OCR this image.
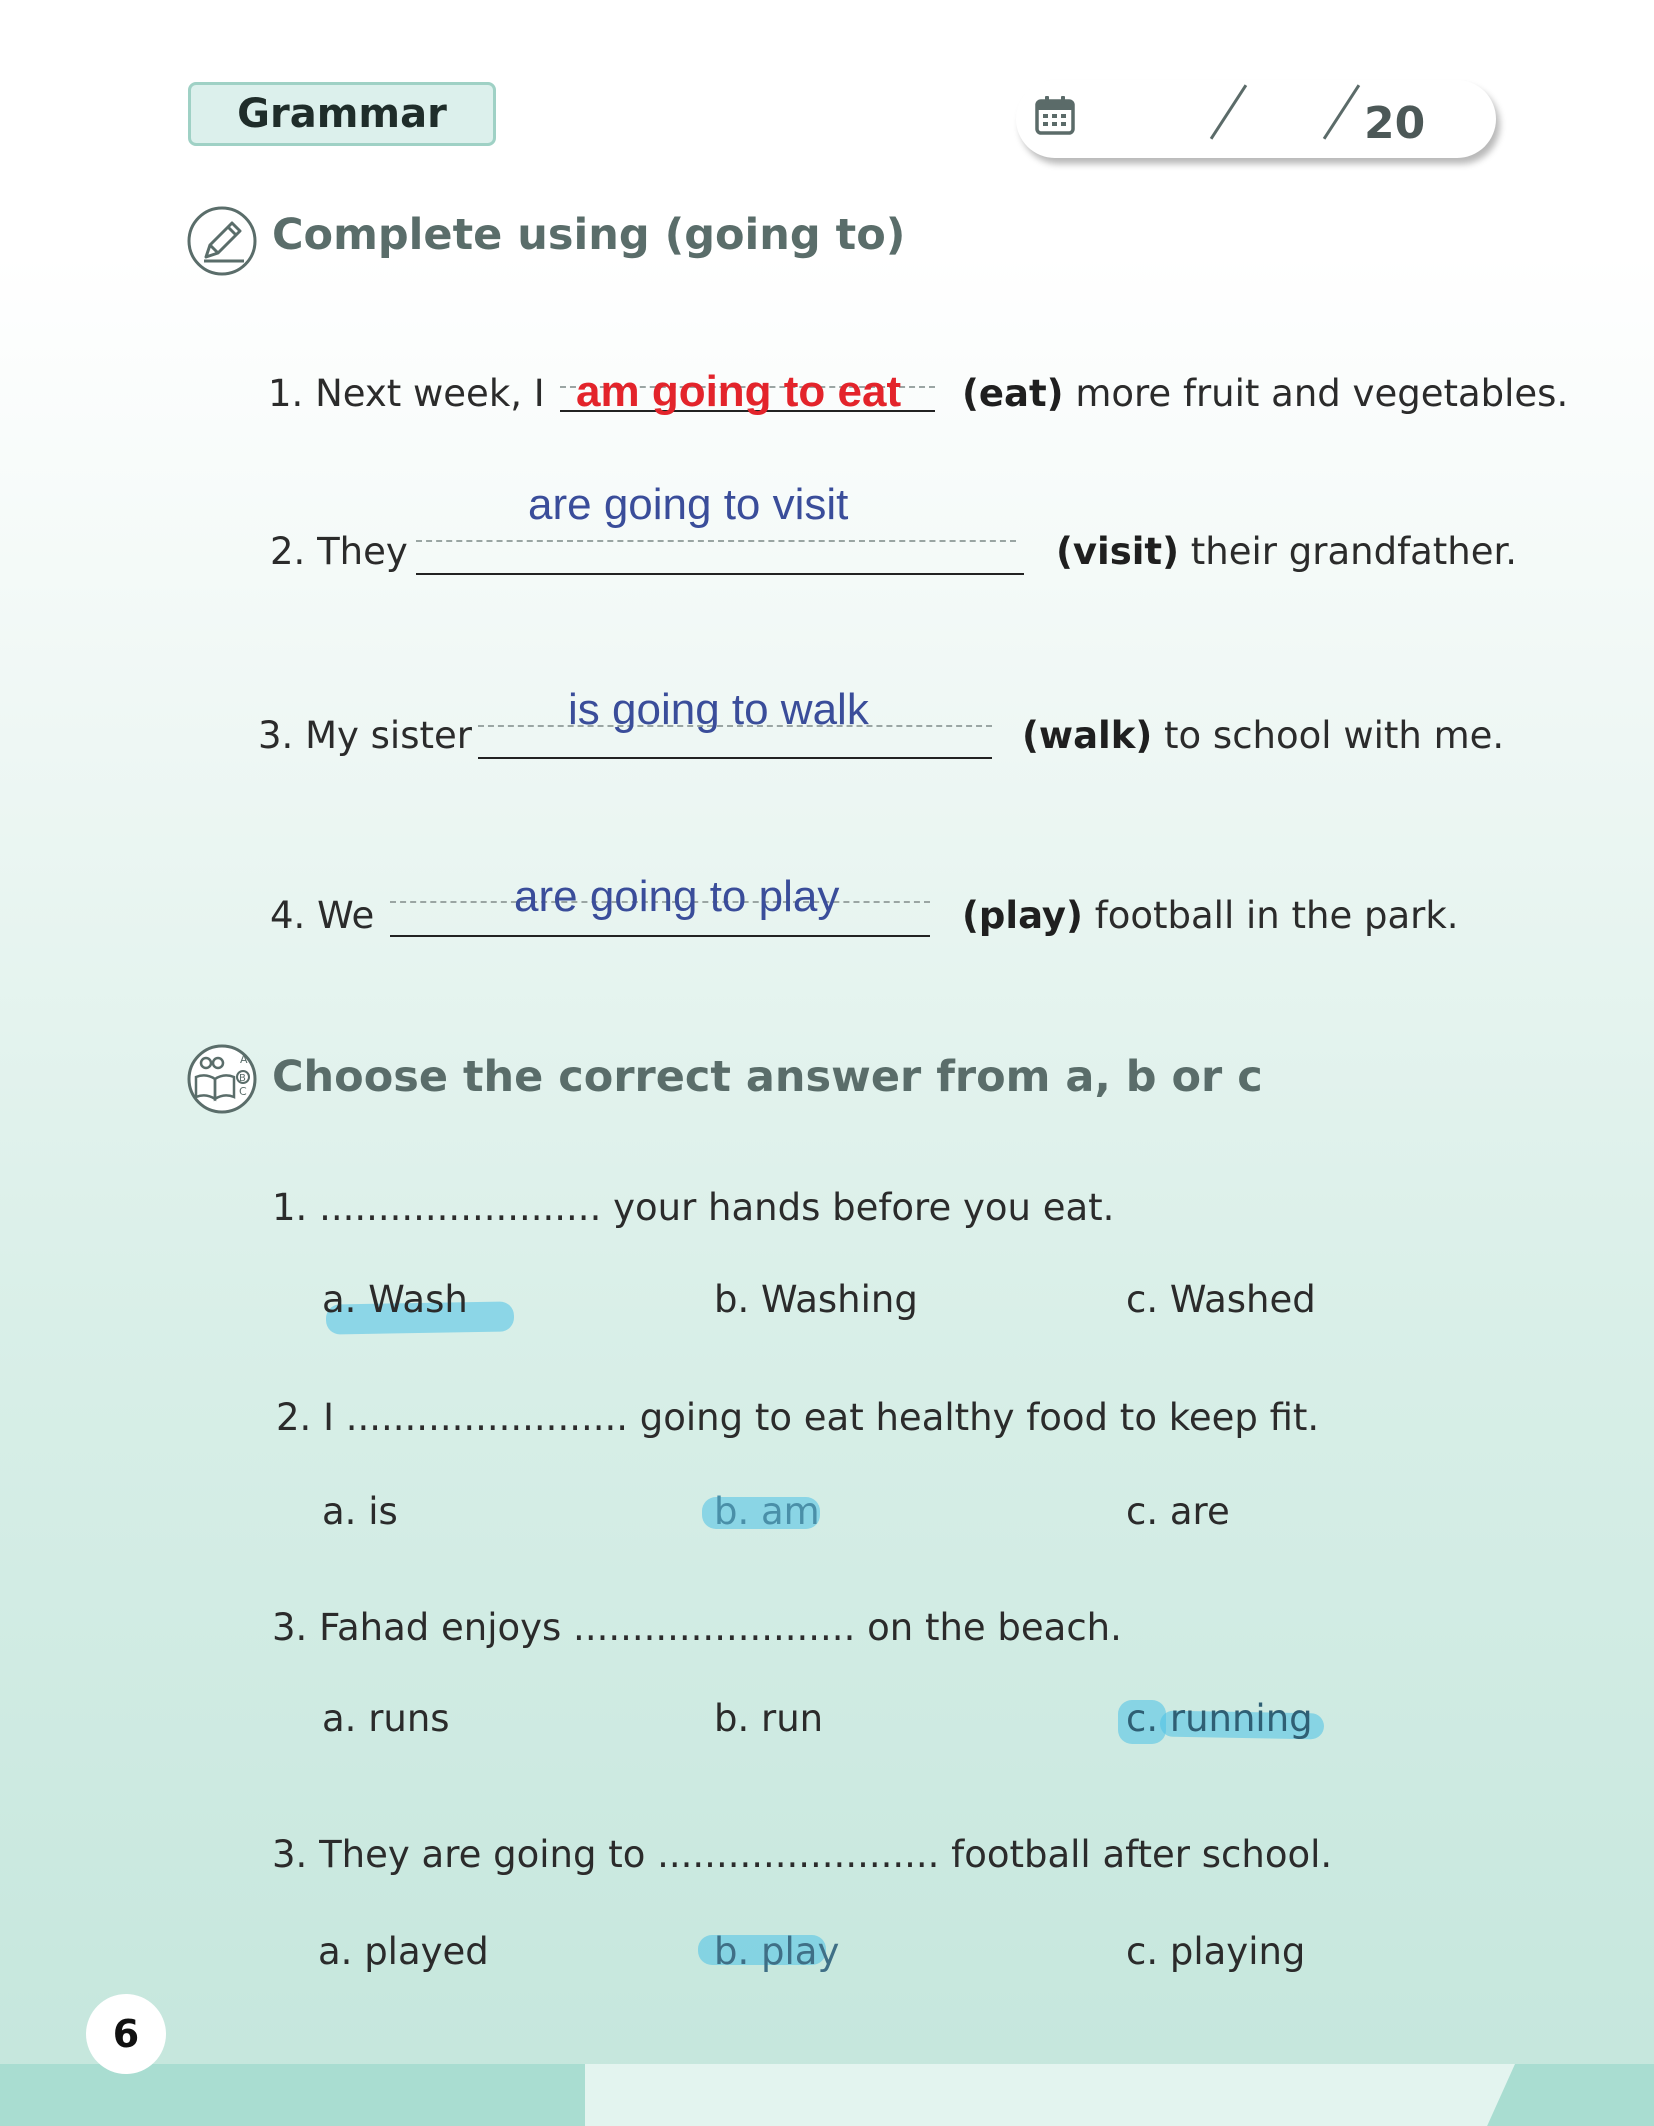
Grammar	20
Complete using (going to)
1. Next week, I am going to eat (eat) more fruit and vegetables.
are going to visit
2. They	(visit) their grandfather.
3. My sister
is going to walk
(walk) to school with me.
4. We	are going to play	(play) football in the park.
A
B
C Choose the correct answer from a, b or c
1. ........................ your hands before you eat.
a. Wash	b. Washing	c. Washed
2. I ........................ going to eat healthy food to keep fit.
a. is	b. am	c. are
3. Fahad enjoys ........................ on the beach.
a. runs	b. run	c. running
3. They are going to ........................ football after school.
a. played	b. play	c. playing
6
